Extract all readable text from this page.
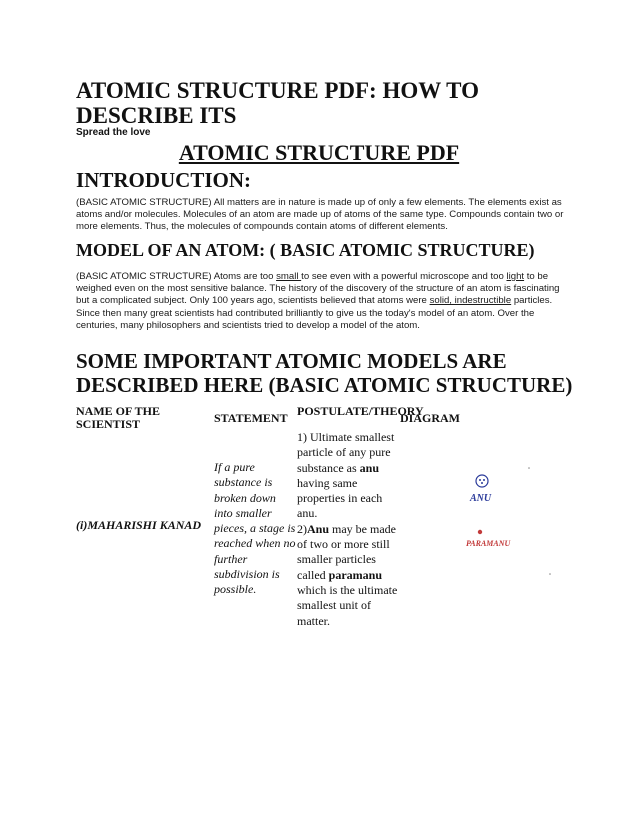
ATOMIC STRUCTURE PDF: HOW TO DESCRIBE ITS
Spread the love
ATOMIC STRUCTURE PDF
INTRODUCTION:
(BASIC ATOMIC STRUCTURE) All matters are in nature is made up of only a few elements. The elements exist as atoms and/or molecules. Molecules of an atom are made up of atoms of the same type. Compounds contain two or more elements. Thus, the molecules of compounds contain atoms of different elements.
MODEL OF AN ATOM: ( BASIC ATOMIC STRUCTURE)
(BASIC ATOMIC STRUCTURE) Atoms are too small to see even with a powerful microscope and too light to be weighed even on the most sensitive balance. The history of the discovery of the structure of an atom is fascinating but a complicated subject. Only 100 years ago, scientists believed that atoms were solid, indestructible particles. Since then many great scientists had contributed brilliantly to give us the today's model of an atom. Over the centuries, many philosophers and scientists tried to develop a model of the atom.
SOME IMPORTANT ATOMIC MODELS ARE DESCRIBED HERE (BASIC ATOMIC STRUCTURE)
NAME OF THE SCIENTIST	STATEMENT POSTULATE/THEORY
DIAGRAM
If a pure substance is broken down into smaller pieces, a stage is reached when no further subdivision is possible.
(i)MAHARISHI KANAD
1) Ultimate smallest particle of any pure substance as anu having same properties in each anu.
2)Anu may be made of two or more still smaller particles called paramanu which is the ultimate smallest unit of matter.
ANU
PARAMANU
